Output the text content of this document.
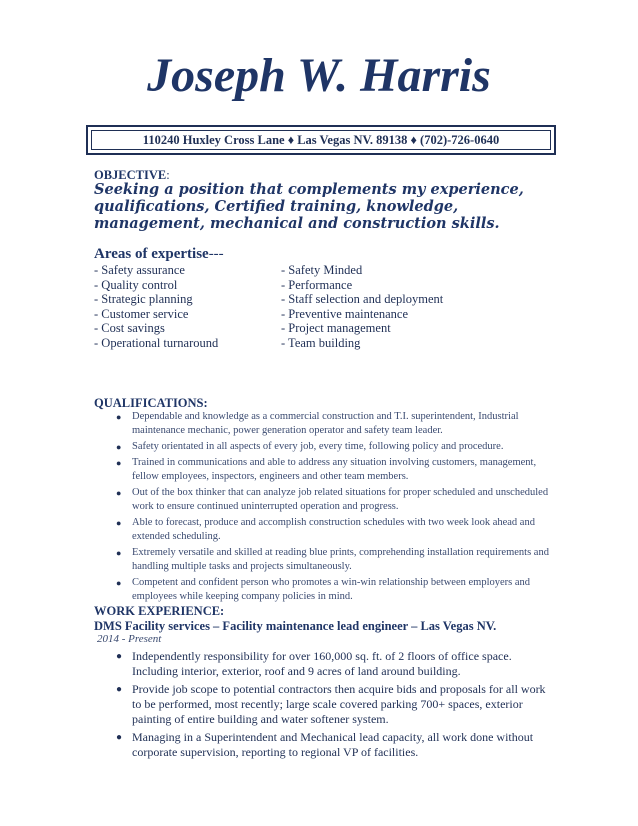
Joseph W. Harris
110240 Huxley Cross Lane ♦ Las Vegas NV. 89138 ♦ (702)-726-0640
OBJECTIVE:
Seeking a position that complements my experience, qualifications, Certified training, knowledge, management, mechanical and construction skills.
Areas of expertise---
- Safety assurance
- Quality control
- Strategic planning
- Customer service
- Cost savings
- Operational turnaround
- Safety Minded
- Performance
- Staff selection and deployment
- Preventive maintenance
- Project management
- Team building
QUALIFICATIONS:
● Dependable and knowledge as a commercial construction and T.I. superintendent, Industrial maintenance mechanic, power generation operator and safety team leader.
● Safety orientated in all aspects of every job, every time, following policy and procedure.
● Trained in communications and able to address any situation involving customers, management, fellow employees, inspectors, engineers and other team members.
● Out of the box thinker that can analyze job related situations for proper scheduled and unscheduled work to ensure continued uninterrupted operation and progress.
● Able to forecast, produce and accomplish construction schedules with two week look ahead and extended scheduling.
● Extremely versatile and skilled at reading blue prints, comprehending installation requirements and handling multiple tasks and projects simultaneously.
● Competent and confident person who promotes a win-win relationship between employers and employees while keeping company policies in mind.
WORK EXPERIENCE:
DMS Facility services – Facility maintenance lead engineer – Las Vegas NV.
2014 - Present
● Independently responsibility for over 160,000 sq. ft. of 2 floors of office space. Including interior, exterior, roof and 9 acres of land around building.
● Provide job scope to potential contractors then acquire bids and proposals for all work to be performed, most recently; large scale covered parking 700+ spaces, exterior painting of entire building and water softener system.
● Managing in a Superintendent and Mechanical lead capacity, all work done without corporate supervision, reporting to regional VP of facilities.
